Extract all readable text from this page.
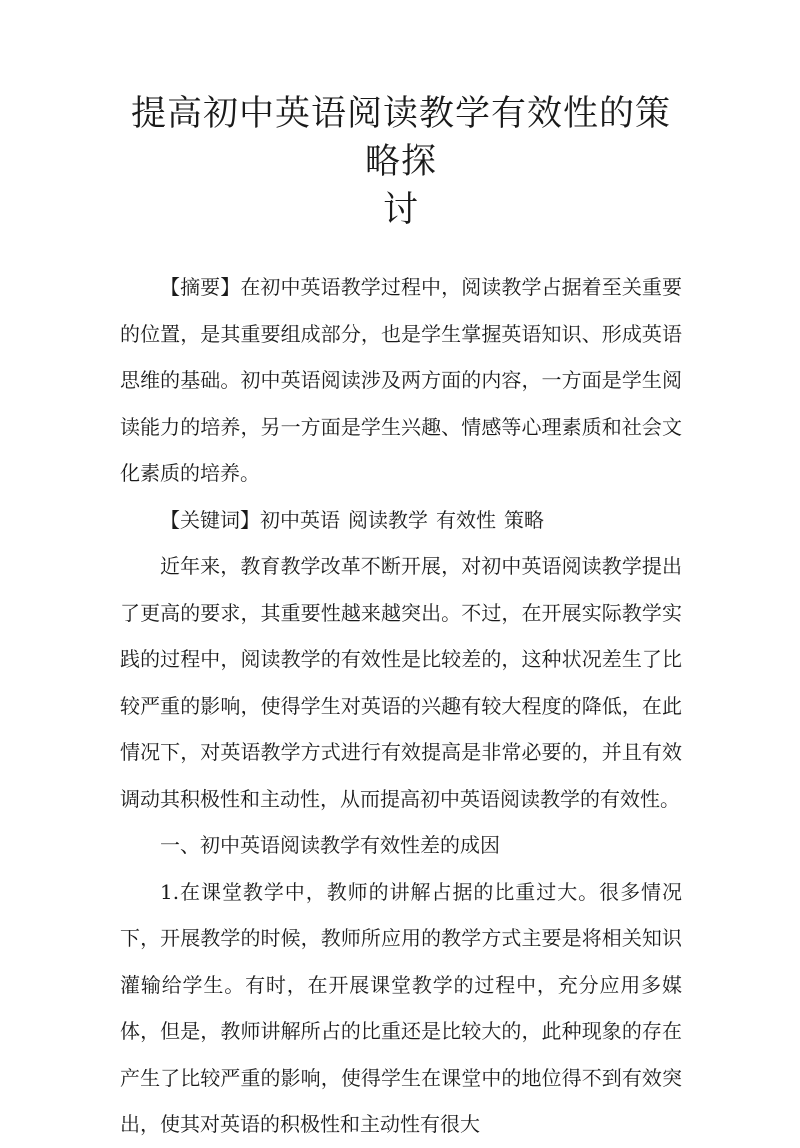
提高初中英语阅读教学有效性的策略探
讨

【摘要】在初中英语教学过程中，阅读教学占据着至关重要的位置，是其重要组成部分，也是学生掌握英语知识、形成英语思维的基础。初中英语阅读涉及两方面的内容，一方面是学生阅读能力的培养，另一方面是学生兴趣、情感等心理素质和社会文化素质的培养。

【关键词】初中英语 阅读教学 有效性 策略

近年来，教育教学改革不断开展，对初中英语阅读教学提出了更高的要求，其重要性越来越突出。不过，在开展实际教学实践的过程中，阅读教学的有效性是比较差的，这种状况差生了比较严重的影响，使得学生对英语的兴趣有较大程度的降低，在此情况下，对英语教学方式进行有效提高是非常必要的，并且有效调动其积极性和主动性，从而提高初中英语阅读教学的有效性。

一、初中英语阅读教学有效性差的成因

1.在课堂教学中，教师的讲解占据的比重过大。很多情况下，开展教学的时候，教师所应用的教学方式主要是将相关知识灌输给学生。有时，在开展课堂教学的过程中，充分应用多媒体，但是，教师讲解所占的比重还是比较大的，此种现象的存在产生了比较严重的影响，使得学生在课堂中的地位得不到有效突出，使其对英语的积极性和主动性有很大
